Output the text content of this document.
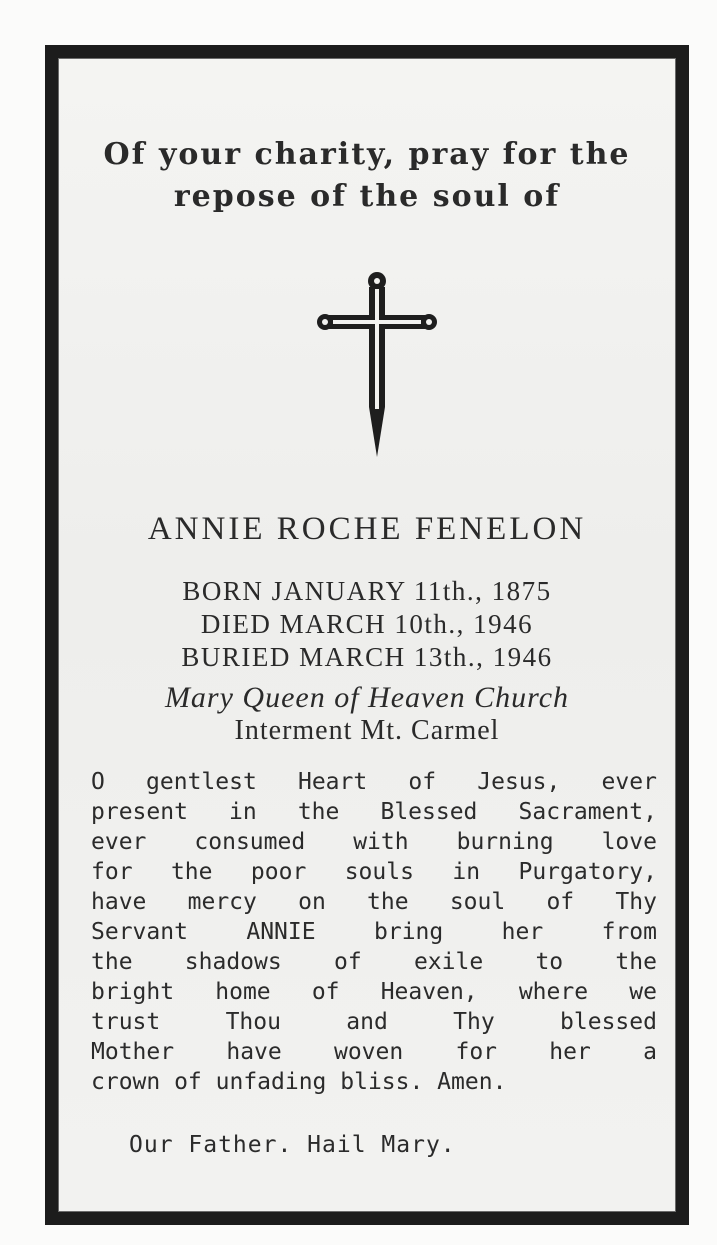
Of your charity, pray for the
repose of the soul of
ANNIE ROCHE FENELON
BORN JANUARY 11th., 1875
DIED MARCH 10th., 1946
BURIED MARCH 13th., 1946
Mary Queen of Heaven Church
Interment Mt. Carmel
O gentlest Heart of Jesus, ever
present in the Blessed Sacrament,
ever consumed with burning love
for the poor souls in Purgatory,
have mercy on the soul of Thy
Servant	ANNIE	bring	her	from
the shadows of exile to the
bright home of Heaven, where we
trust	Thou	and	Thy	blessed
Mother have woven for her a
crown of unfading bliss. Amen.
Our Father. Hail Mary.
